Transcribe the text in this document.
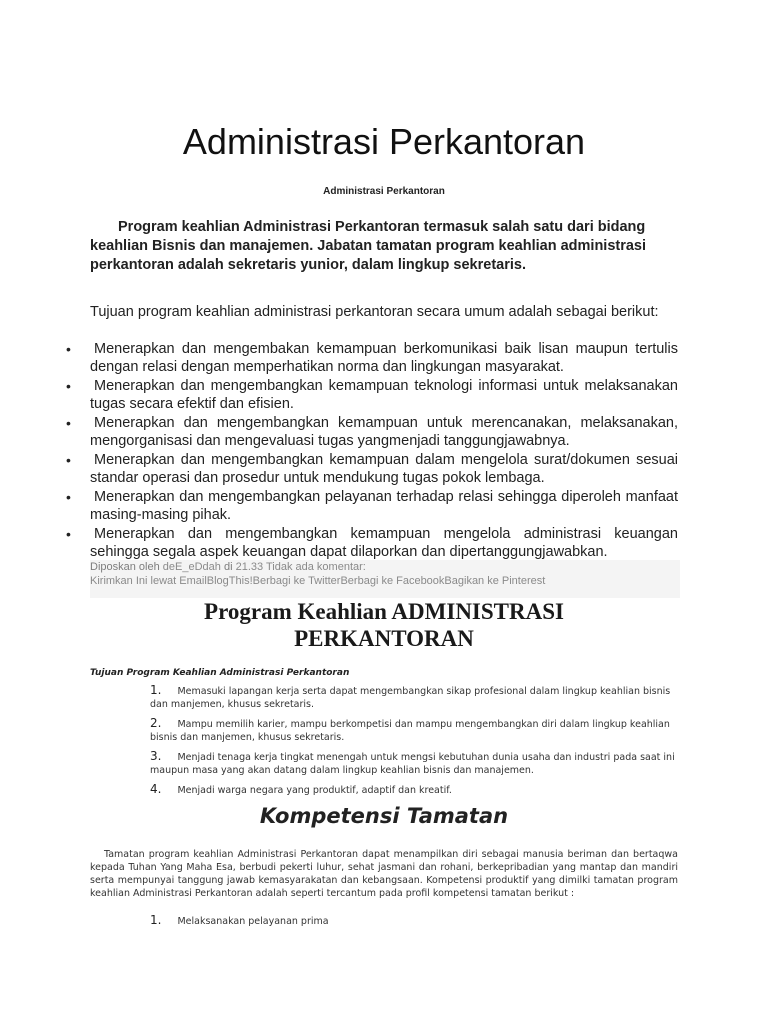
Administrasi Perkantoran
Administrasi Perkantoran

Program keahlian Administrasi Perkantoran termasuk salah satu dari bidang keahlian Bisnis dan manajemen. Jabatan tamatan program keahlian administrasi perkantoran adalah sekretaris yunior, dalam lingkup sekretaris.

Tujuan program keahlian administrasi perkantoran secara umum adalah sebagai berikut:

• Menerapkan dan mengembakan kemampuan berkomunikasi baik lisan maupun tertulis dengan relasi dengan memperhatikan norma dan lingkungan masyarakat.
• Menerapkan dan mengembangkan kemampuan teknologi informasi untuk melaksanakan tugas secara efektif dan efisien.
• Menerapkan dan mengembangkan kemampuan untuk merencanakan, melaksanakan, mengorganisasi dan mengevaluasi tugas yangmenjadi tanggungjawabnya.
• Menerapkan dan mengembangkan kemampuan dalam mengelola surat/dokumen sesuai standar operasi dan prosedur untuk mendukung tugas pokok lembaga.
• Menerapkan dan mengembangkan pelayanan terhadap relasi sehingga diperoleh manfaat masing-masing pihak.
• Menerapkan dan mengembangkan kemampuan mengelola administrasi keuangan sehingga segala aspek keuangan dapat dilaporkan dan dipertanggungjawabkan.
Diposkan oleh deE_eDdah di 21.33 Tidak ada komentar:
Kirimkan Ini lewat EmailBlogThis!Berbagi ke TwitterBerbagi ke FacebookBagikan ke Pinterest
Program Keahlian ADMINISTRASI PERKANTORAN
Tujuan Program Keahlian Administrasi Perkantoran
1. Memasuki lapangan kerja serta dapat mengembangkan sikap profesional dalam lingkup keahlian bisnis dan manjemen, khusus sekretaris.
2. Mampu memilih karier, mampu berkompetisi dan mampu mengembangkan diri dalam lingkup keahlian bisnis dan manjemen, khusus sekretaris.
3. Menjadi tenaga kerja tingkat menengah untuk mengsi kebutuhan dunia usaha dan industri pada saat ini maupun masa yang akan datang dalam lingkup keahlian bisnis dan manajemen.
4. Menjadi warga negara yang produktif, adaptif dan kreatif.
Kompetensi Tamatan

Tamatan program keahlian Administrasi Perkantoran dapat menampilkan diri sebagai manusia beriman dan bertaqwa kepada Tuhan Yang Maha Esa, berbudi pekerti luhur, sehat jasmani dan rohani, berkepribadian yang mantap dan mandiri serta mempunyai tanggung jawab kemasyarakatan dan kebangsaan. Kompetensi produktif yang dimilki tamatan program keahlian Administrasi Perkantoran adalah seperti tercantum pada profil kompetensi tamatan berikut :

1. Melaksanakan pelayanan prima
